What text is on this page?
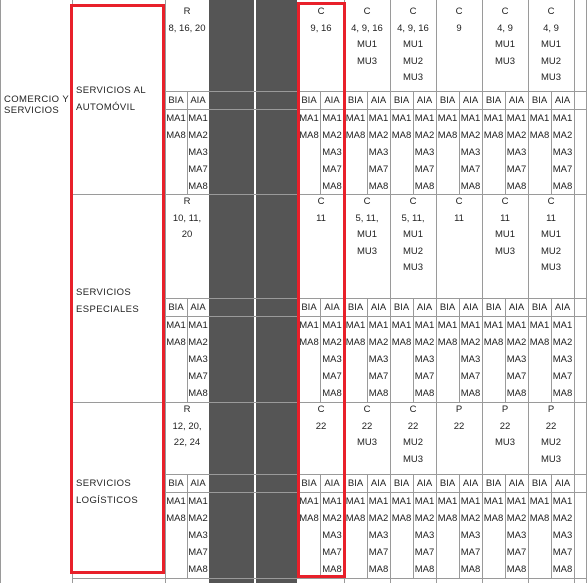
COMERCIO Y
SERVICIOS
SERVICIOS AL
AUTOMÓVIL
R
8, 16, 20
BIA AIA
MA1
MA8
MA1
MA2
MA3
MA7
MA8
C
9, 16
BIA AIA
MA1
MA8
MA1
MA2
MA3
MA7
MA8
C
4, 9, 16
MU1
MU3
BIA AIA
MA1
MA8
MA1
MA2
MA3
MA7
MA8
C
4, 9, 16
MU1
MU2
MU3
BIA AIA
MA1
MA8
MA1
MA2
MA3
MA7
MA8
C
9
BIA AIA
MA1
MA8
MA1
MA2
MA3
MA7
MA8
C
4, 9
MU1
MU3
BIA AIA
MA1
MA8
MA1
MA2
MA3
MA7
MA8
C
4, 9
MU1
MU2
MU3
BIA AIA
MA1
MA8
MA1
MA2
MA3
MA7
MA8
SERVICIOS
ESPECIALES
R
10, 11,
20
BIA AIA
MA1
MA8
MA1
MA2
MA3
MA7
MA8
C
11
BIA AIA
MA1
MA8
MA1
MA2
MA3
MA7
MA8
C
5, 11,
MU1
MU3
BIA AIA
MA1
MA8
MA1
MA2
MA3
MA7
MA8
C
5, 11,
MU1
MU2
MU3
BIA AIA
MA1
MA8
MA1
MA2
MA3
MA7
MA8
C
11
BIA AIA
MA1
MA8
MA1
MA2
MA3
MA7
MA8
C
11
MU1
MU3
BIA AIA
MA1
MA8
MA1
MA2
MA3
MA7
MA8
C
11
MU1
MU2
MU3
BIA AIA
MA1
MA8
MA1
MA2
MA3
MA7
MA8
SERVICIOS
LOGÍSTICOS
R
12, 20,
22, 24
BIA AIA
MA1
MA8
MA1
MA2
MA3
MA7
MA8
C
22
BIA AIA
MA1
MA8
MA1
MA2
MA3
MA7
MA8
C
22
MU3
BIA AIA
MA1
MA8
MA1
MA2
MA3
MA7
MA8
C
22
MU2
MU3
BIA AIA
MA1
MA8
MA1
MA2
MA3
MA7
MA8
P
22
BIA AIA
MA1
MA8
MA1
MA2
MA3
MA7
MA8
P
22
MU3
BIA AIA
MA1
MA8
MA1
MA2
MA3
MA7
MA8
P
22
MU2
MU3
BIA AIA
MA1
MA8
MA1
MA2
MA3
MA7
MA8
